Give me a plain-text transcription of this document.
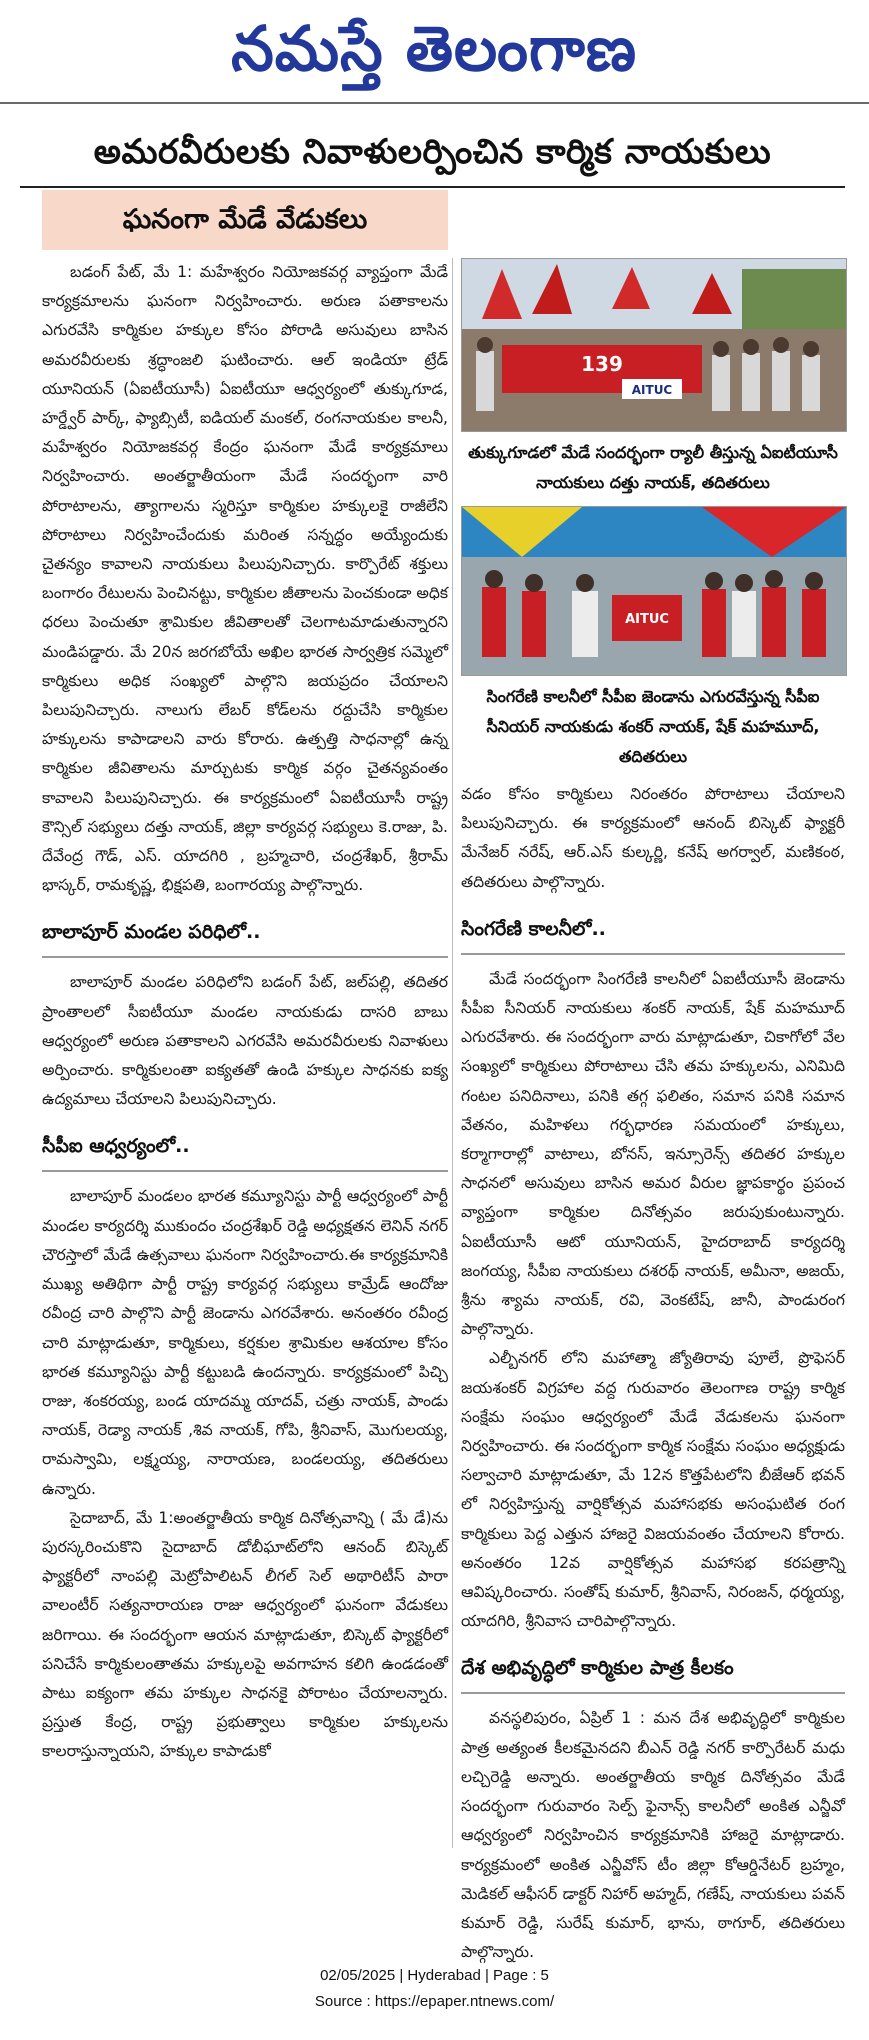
నమస్తే తెలంగాణ
అమరవీరులకు నివాళులర్పించిన కార్మిక నాయకులు
ఘనంగా మేడే వేడుకలు

బడంగ్ పేట్, మే 1: మహేశ్వరం నియోజకవర్గ వ్యాప్తంగా మేడే కార్యక్రమాలను ఘనంగా నిర్వహించారు. అరుణ పతాకాలను ఎగురవేసి కార్మికుల హక్కుల కోసం పోరాడి అసువులు బాసిన అమరవీరులకు శ్రద్ధాంజలి ఘటించారు. ఆల్ ఇండియా ట్రేడ్ యూనియన్ (ఏఐటీయూసీ) ఏఐటీయూ ఆధ్వర్యంలో తుక్కుగూడ, హర్డ్వేర్ పార్క్, ఫ్యాబ్సిటీ, ఐడియల్ మంకల్, రంగనాయకుల కాలనీ, మహేశ్వరం నియోజకవర్గ కేంద్రం ఘనంగా మేడే కార్యక్రమాలు నిర్వహించారు. అంతర్జాతీయంగా మేడే సందర్భంగా వారి పోరాటాలను, త్యాగాలను స్మరిస్తూ కార్మికుల హక్కులకై రాజీలేని పోరాటాలు నిర్వహించేందుకు మరింత సన్నద్ధం అయ్యేందుకు చైతన్యం కావాలని నాయకులు పిలుపునిచ్చారు. కార్పొరేట్ శక్తులు బంగారం రేటులను పెంచినట్టు, కార్మికుల జీతాలను పెంచకుండా అధిక ధరలు పెంచుతూ శ్రామికుల జీవితాలతో చెలగాటమాడుతున్నారని మండిపడ్డారు. మే 20న జరగబోయే అఖిల భారత సార్వత్రిక సమ్మెలో కార్మికులు అధిక సంఖ్యలో పాల్గొని జయప్రదం చేయాలని పిలుపునిచ్చారు. నాలుగు లేబర్ కోడ్‌లను రద్దుచేసి కార్మికుల హక్కులను కాపాడాలని వారు కోరారు. ఉత్పత్తి సాధనాల్లో ఉన్న కార్మికుల జీవితాలను మార్చుటకు కార్మిక వర్గం చైతన్యవంతం కావాలని పిలుపునిచ్చారు. ఈ కార్యక్రమంలో ఏఐటీయూసీ రాష్ట్ర కౌన్సిల్ సభ్యులు దత్తు నాయక్, జిల్లా కార్యవర్గ సభ్యులు కె.రాజు, పి. దేవేంద్ర గౌడ్, ఎస్. యాదగిరి , బ్రహ్మచారి, చంద్రశేఖర్, శ్రీరామ్ భాస్కర్, రామకృష్ణ, భిక్షపతి, బంగారయ్య పాల్గొన్నారు.

బాలాపూర్ మండల పరిధిలో..

బాలాపూర్ మండల పరిధిలోని బడంగ్ పేట్, జల్‌పల్లి, తదితర ప్రాంతాలలో సీఐటీయూ మండల నాయకుడు దాసరి బాబు ఆధ్వర్యంలో అరుణ పతాకాలని ఎగరవేసి అమరవీరులకు నివాళులు అర్పించారు. కార్మికులంతా ఐక్యతతో ఉండి హక్కుల సాధనకు ఐక్య ఉద్యమాలు చేయాలని పిలుపునిచ్చారు.

సీపీఐ ఆధ్వర్యంలో..

బాలాపూర్ మండలం భారత కమ్యూనిస్టు పార్టీ ఆధ్వర్యంలో పార్టీ మండల కార్యదర్శి ముకుందం చంద్రశేఖర్ రెడ్డి అధ్యక్షతన లెనిన్ నగర్ చౌరస్తాలో మేడే ఉత్సవాలు ఘనంగా నిర్వహించారు.ఈ కార్యక్రమానికి ముఖ్య అతిథిగా పార్టీ రాష్ట్ర కార్యవర్గ సభ్యులు కామ్రేడ్ ఆందోజు రవీంద్ర చారి పాల్గొని పార్టీ జెండాను ఎగరవేశారు. అనంతరం రవీంద్ర చారి మాట్లాడుతూ, కార్మికులు, కర్షకుల శ్రామికుల ఆశయాల కోసం భారత కమ్యూనిస్టు పార్టీ కట్టుబడి ఉందన్నారు. కార్యక్రమంలో పిచ్చి రాజు, శంకరయ్య, బండ యాదమ్మ యాదవ్, చత్రు నాయక్, పాండు నాయక్, రెడ్యా నాయక్ ,శివ నాయక్, గోపి, శ్రీనివాస్, మొగులయ్య, రామస్వామి, లక్ష్మయ్య, నారాయణ, బండలయ్య, తదితరులు ఉన్నారు.

సైదాబాద్, మే 1:అంతర్జాతీయ కార్మిక దినోత్సవాన్ని ( మే డే)ను పురస్కరించుకొని సైదాబాద్ డోబీఘాట్‌లోని ఆనంద్ బిస్కెట్ ఫ్యాక్టరీలో నాంపల్లి మెట్రోపాలిటన్ లీగల్ సెల్ అథారిటీస్ పారా వాలంటీర్ సత్యనారాయణ రాజు ఆధ్వర్యంలో ఘనంగా వేడుకలు జరిగాయి. ఈ సందర్భంగా ఆయన మాట్లాడుతూ, బిస్కెట్ ఫ్యాక్టరీలో పనిచేసే కార్మికులంతాతమ హక్కులపై అవగాహన కలిగి ఉండడంతో పాటు ఐక్యంగా తమ హక్కుల సాధనకై పోరాటం చేయాలన్నారు. ప్రస్తుత కేంద్ర, రాష్ట్ర ప్రభుత్వాలు కార్మికుల హక్కులను కాలరాస్తున్నాయని, హక్కుల కాపాడుకో

139
AITUC
తుక్కుగూడలో మేడే సందర్భంగా ర్యాలీ తీస్తున్న ఏఐటీయూసీ నాయకులు దత్తు నాయక్, తదితరులు
AITUC
సింగరేణి కాలనీలో సీపీఐ జెండాను ఎగురవేస్తున్న సీపీఐ సీనియర్ నాయకుడు శంకర్ నాయక్, షేక్ మహమూద్, తదితరులు

వడం కోసం కార్మికులు నిరంతరం పోరాటాలు చేయాలని పిలుపునిచ్చారు. ఈ కార్యక్రమంలో ఆనంద్ బిస్కెట్ ఫ్యాక్టరీ మేనేజర్ నరేష్, ఆర్.ఎస్ కుల్కర్ణి, కనేష్ అగర్వాల్, మణికంఠ, తదితరులు పాల్గొన్నారు.

సింగరేణి కాలనీలో..

మేడే సందర్భంగా సింగరేణి కాలనీలో ఏఐటీయూసీ జెండాను సీపీఐ సీనియర్ నాయకులు శంకర్ నాయక్, షేక్ మహమూద్ ఎగురవేశారు. ఈ సందర్భంగా వారు మాట్లాడుతూ, చికాగోలో వేల సంఖ్యలో కార్మికులు పోరాటాలు చేసి తమ హక్కులను, ఎనిమిది గంటల పనిదినాలు, పనికి తగ్గ ఫలితం, సమాన పనికి సమాన వేతనం, మహిళలు గర్భధారణ సమయంలో హక్కులు, కర్మాగారాల్లో వాటాలు, బోనస్, ఇన్సూరెన్స్ తదితర హక్కుల సాధనలో అసువులు బాసిన అమర వీరుల జ్ఞాపకార్థం ప్రపంచ వ్యాప్తంగా కార్మికుల దినోత్సవం జరుపుకుంటున్నారు. ఏఐటీయూసీ ఆటో యూనియన్, హైదరాబాద్ కార్యదర్శి జంగయ్య, సీపీఐ నాయకులు దశరథ్ నాయక్, అమీనా, అజయ్, శ్రీను శ్యామ నాయక్, రవి, వెంకటేష్, జానీ, పాండురంగ పాల్గొన్నారు.

ఎల్బీనగర్ లోని మహాత్మా జ్యోతిరావు పూలే, ప్రొఫెసర్ జయశంకర్ విగ్రహాల వద్ద గురువారం తెలంగాణ రాష్ట్ర కార్మిక సంక్షేమ సంఘం ఆధ్వర్యంలో మేడే వేడుకలను ఘనంగా నిర్వహించారు. ఈ సందర్భంగా కార్మిక సంక్షేమ సంఘం అధ్యక్షుడు సల్వాచారి మాట్లాడుతూ, మే 12న కొత్తపేటలోని బీజేఆర్ భవన్ లో నిర్వహిస్తున్న వార్షికోత్సవ మహాసభకు అసంఘటిత రంగ కార్మికులు పెద్ద ఎత్తున హాజరై విజయవంతం చేయాలని కోరారు. అనంతరం 12వ వార్షికోత్సవ మహాసభ కరపత్రాన్ని ఆవిష్కరించారు. సంతోష్ కుమార్, శ్రీనివాస్, నిరంజన్, ధర్మయ్య, యాదగిరి, శ్రీనివాస చారిపాల్గొన్నారు.

దేశ అభివృద్ధిలో కార్మికుల పాత్ర కీలకం

వనస్థలిపురం, ఏప్రిల్ 1 : మన దేశ అభివృద్ధిలో కార్మికుల పాత్ర అత్యంత కీలకమైనదని బీఎన్ రెడ్డి నగర్ కార్పొరేటర్ మధు లచ్చిరెడ్డి అన్నారు. అంతర్జాతీయ కార్మిక దినోత్సవం మేడే సందర్భంగా గురువారం సెల్ప్ ఫైనాన్స్ కాలనీలో అంకిత ఎన్జీవో ఆధ్వర్యంలో నిర్వహించిన కార్యక్రమానికి హాజరై మాట్లాడారు. కార్యక్రమంలో అంకిత ఎన్జీవోస్ టీం జిల్లా కోఆర్డినేటర్ బ్రహ్మం, మెడికల్ ఆఫీసర్ డాక్టర్ నిహార్ అహ్మద్, గణేష్, నాయకులు పవన్ కుమార్ రెడ్డి, సురేష్ కుమార్, భాను, ఠాగూర్, తదితరులు పాల్గొన్నారు.

02/05/2025 | Hyderabad | Page : 5
Source : https://epaper.ntnews.com/
